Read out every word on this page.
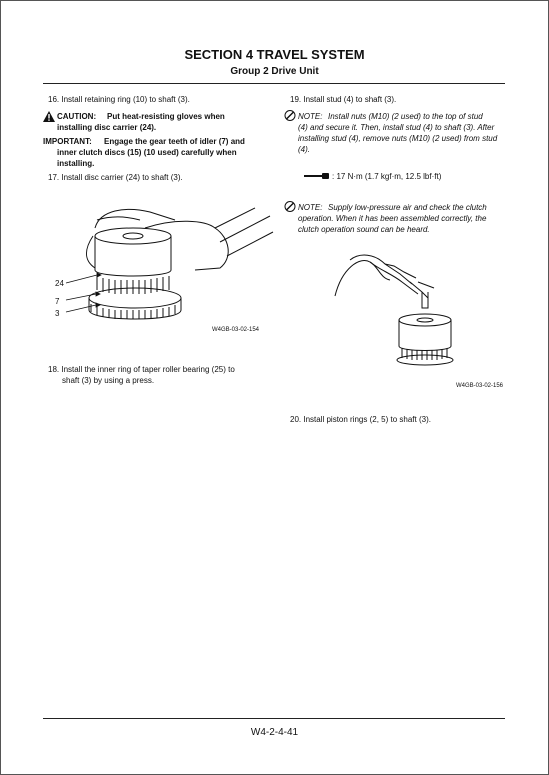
SECTION 4 TRAVEL SYSTEM
Group 2 Drive Unit
16. Install retaining ring (10) to shaft (3).
CAUTION: Put heat-resisting gloves when
installing disc carrier (24).
IMPORTANT: Engage the gear teeth of idler (7) and
inner clutch discs (15) (10 used) carefully when
installing.
17. Install disc carrier (24) to shaft (3).
24
7
3
W4GB-03-02-154
18. Install the inner ring of taper roller bearing (25) to
shaft (3) by using a press.
19. Install stud (4) to shaft (3).
NOTE: Install nuts (M10) (2 used) to the top of stud
(4) and secure it. Then, install stud (4) to shaft (3). After
installing stud (4), remove nuts (M10) (2 used) from stud
(4).
: 17 N·m (1.7 kgf·m, 12.5 lbf·ft)
NOTE: Supply low-pressure air and check the clutch
operation. When it has been assembled correctly, the
clutch operation sound can be heard.
W4GB-03-02-156
20. Install piston rings (2, 5) to shaft (3).
W4-2-4-41
